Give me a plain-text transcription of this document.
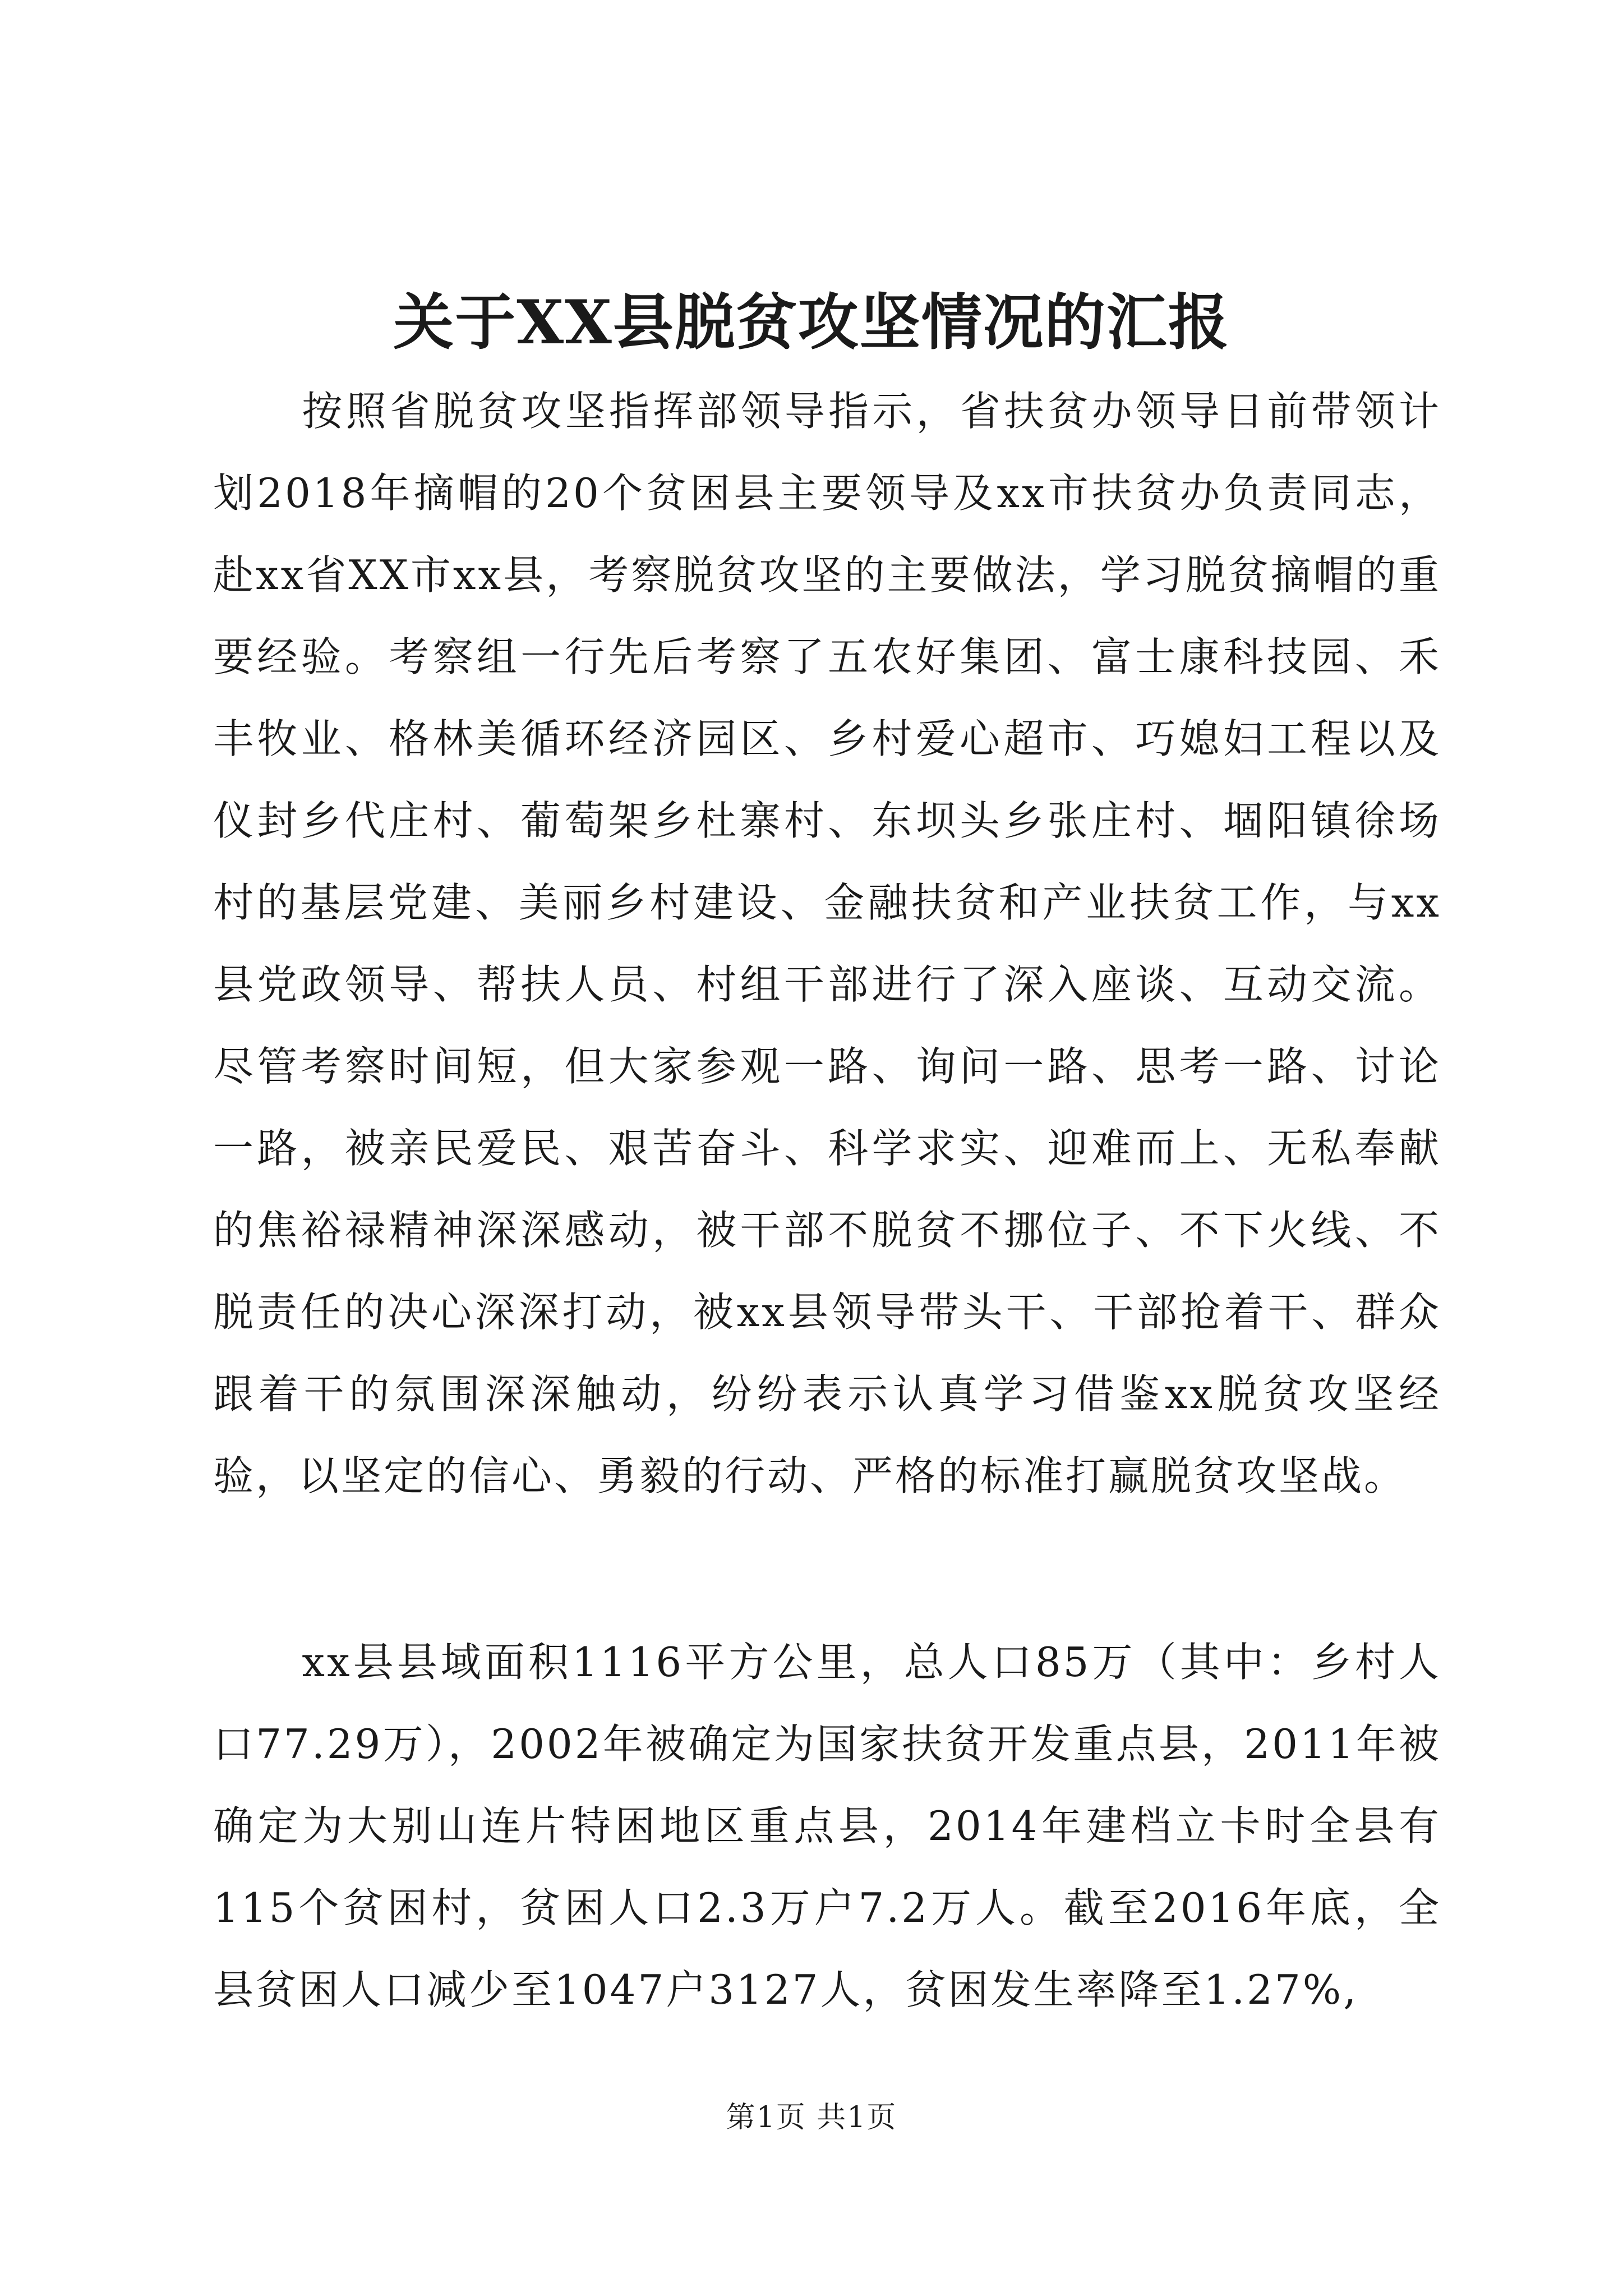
关于XX县脱贫攻坚情况的汇报

按照省脱贫攻坚指挥部领导指示，省扶贫办领导日前带领计划2018年摘帽的20个贫困县主要领导及xx市扶贫办负责同志，赴xx省XX市xx县，考察脱贫攻坚的主要做法，学习脱贫摘帽的重要经验。考察组一行先后考察了五农好集团、富士康科技园、禾丰牧业、格林美循环经济园区、乡村爱心超市、巧媳妇工程以及仪封乡代庄村、葡萄架乡杜寨村、东坝头乡张庄村、堌阳镇徐场村的基层党建、美丽乡村建设、金融扶贫和产业扶贫工作，与xx县党政领导、帮扶人员、村组干部进行了深入座谈、互动交流。尽管考察时间短，但大家参观一路、询问一路、思考一路、讨论一路，被亲民爱民、艰苦奋斗、科学求实、迎难而上、无私奉献的焦裕禄精神深深感动，被干部不脱贫不挪位子、不下火线、不脱责任的决心深深打动，被xx县领导带头干、干部抢着干、群众跟着干的氛围深深触动，纷纷表示认真学习借鉴xx脱贫攻坚经验，以坚定的信心、勇毅的行动、严格的标准打赢脱贫攻坚战。

xx县县域面积1116平方公里，总人口85万（其中：乡村人口77.29万），2002年被确定为国家扶贫开发重点县，2011年被确定为大别山连片特困地区重点县，2014年建档立卡时全县有115个贫困村，贫困人口2.3万户7.2万人。截至2016年底，全县贫困人口减少至1047户3127人，贫困发生率降至1.27%,

第1页 共1页
